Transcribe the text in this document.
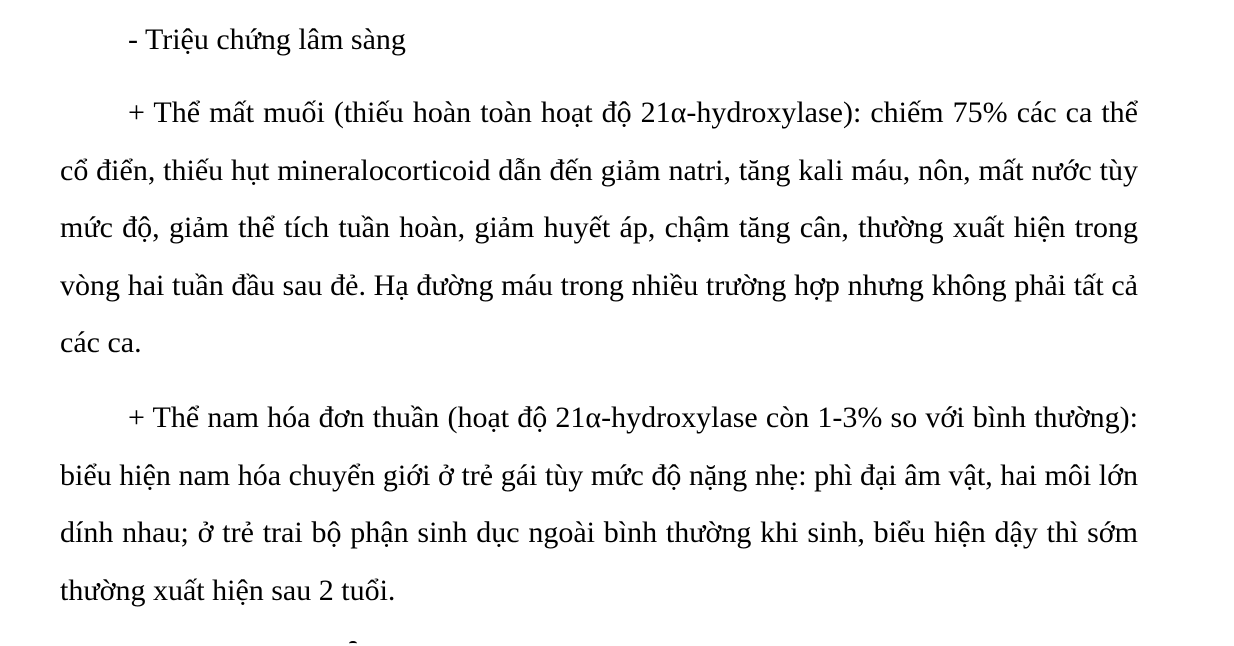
- Triệu chứng lâm sàng

+ Thể mất muối (thiếu hoàn toàn hoạt độ 21α-hydroxylase): chiếm 75% các ca thể cổ điển, thiếu hụt mineralocorticoid dẫn đến giảm natri, tăng kali máu, nôn, mất nước tùy mức độ, giảm thể tích tuần hoàn, giảm huyết áp, chậm tăng cân, thường xuất hiện trong vòng hai tuần đầu sau đẻ. Hạ đường máu trong nhiều trường hợp nhưng không phải tất cả các ca.

+ Thể nam hóa đơn thuần (hoạt độ 21α-hydroxylase còn 1-3% so với bình thường): biểu hiện nam hóa chuyển giới ở trẻ gái tùy mức độ nặng nhẹ: phì đại âm vật, hai môi lớn dính nhau; ở trẻ trai bộ phận sinh dục ngoài bình thường khi sinh, biểu hiện dậy thì sớm thường xuất hiện sau 2 tuổi.
